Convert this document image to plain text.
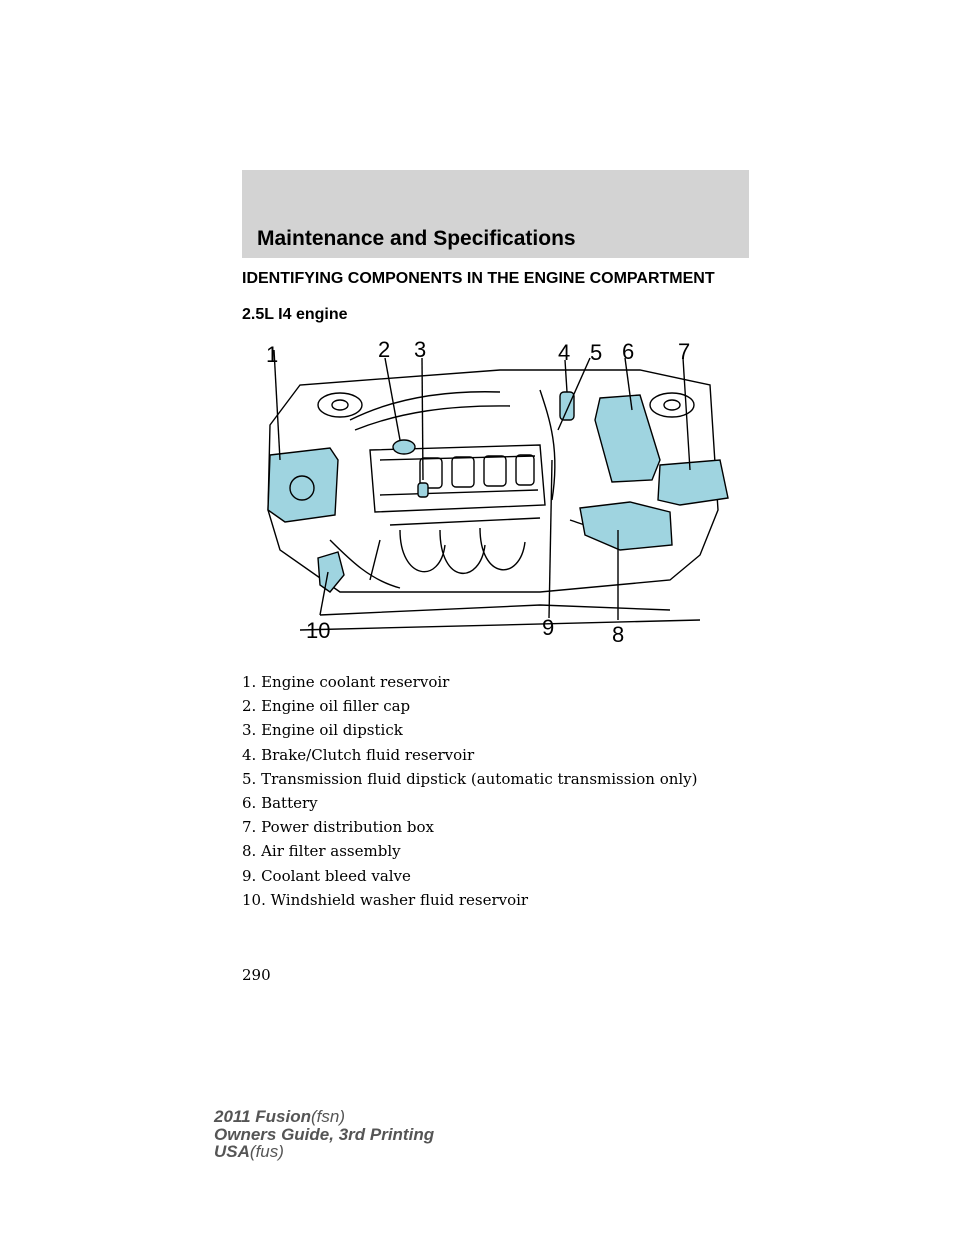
Maintenance and Specifications
IDENTIFYING COMPONENTS IN THE ENGINE COMPARTMENT
2.5L I4 engine
1	2 3	4 5 6 7
8
9
10
1. Engine coolant reservoir
2. Engine oil filler cap
3. Engine oil dipstick
4. Brake/Clutch fluid reservoir
5. Transmission fluid dipstick (automatic transmission only)
6. Battery
7. Power distribution box
8. Air filter assembly
9. Coolant bleed valve
10. Windshield washer fluid reservoir
290
2011 Fusion(fsn)
Owners Guide, 3rd Printing
USA(fus)
